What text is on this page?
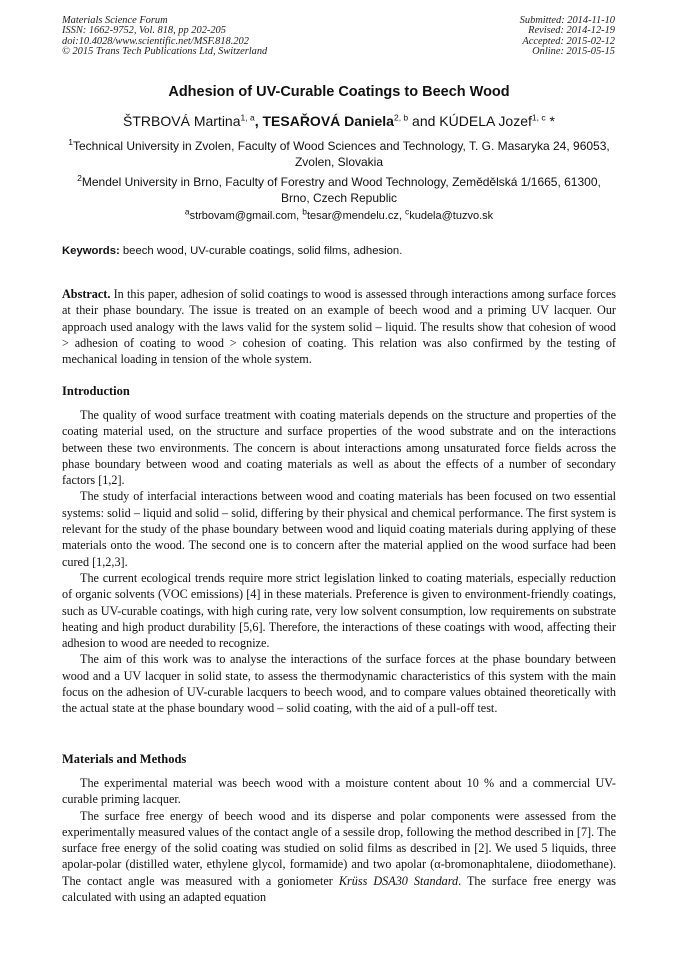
Materials Science Forum
ISSN: 1662-9752, Vol. 818, pp 202-205
doi:10.4028/www.scientific.net/MSF.818.202
© 2015 Trans Tech Publications Ltd, Switzerland
Submitted: 2014-11-10
Revised: 2014-12-19
Accepted: 2015-02-12
Online: 2015-05-15
Adhesion of UV-Curable Coatings to Beech Wood
ŠTRBOVÁ Martina$^{1, a}$, TESAŘOVÁ Daniela$^{2, b}$ and KÚDELA Jozef$^{1, c}$ *
$^1$Technical University in Zvolen, Faculty of Wood Sciences and Technology, T. G. Masaryka 24, 96053, Zvolen, Slovakia
$^2$Mendel University in Brno, Faculty of Forestry and Wood Technology, Zemědělská 1/1665, 61300, Brno, Czech Republic
$^a$strbovam@gmail.com, $^b$tesar@mendelu.cz, $^c$kudela@tuzvo.sk
Keywords: beech wood, UV-curable coatings, solid films, adhesion.

Abstract. In this paper, adhesion of solid coatings to wood is assessed through interactions among surface forces at their phase boundary. The issue is treated on an example of beech wood and a priming UV lacquer. Our approach used analogy with the laws valid for the system solid – liquid. The results show that cohesion of wood > adhesion of coating to wood > cohesion of coating. This relation was also confirmed by the testing of mechanical loading in tension of the whole system.

Introduction

The quality of wood surface treatment with coating materials depends on the structure and properties of the coating material used, on the structure and surface properties of the wood substrate and on the interactions between these two environments. The concern is about interactions among unsaturated force fields across the phase boundary between wood and coating materials as well as about the effects of a number of secondary factors [1,2].

The study of interfacial interactions between wood and coating materials has been focused on two essential systems: solid – liquid and solid – solid, differing by their physical and chemical performance. The first system is relevant for the study of the phase boundary between wood and liquid coating materials during applying of these materials onto the wood. The second one is to concern after the material applied on the wood surface had been cured [1,2,3].

The current ecological trends require more strict legislation linked to coating materials, especially reduction of organic solvents (VOC emissions) [4] in these materials. Preference is given to environment-friendly coatings, such as UV-curable coatings, with high curing rate, very low solvent consumption, low requirements on substrate heating and high product durability [5,6]. Therefore, the interactions of these coatings with wood, affecting their adhesion to wood are needed to recognize.

The aim of this work was to analyse the interactions of the surface forces at the phase boundary between wood and a UV lacquer in solid state, to assess the thermodynamic characteristics of this system with the main focus on the adhesion of UV-curable lacquers to beech wood, and to compare values obtained theoretically with the actual state at the phase boundary wood – solid coating, with the aid of a pull-off test.

Materials and Methods

The experimental material was beech wood with a moisture content about 10 % and a commercial UV-curable priming lacquer.

The surface free energy of beech wood and its disperse and polar components were assessed from the experimentally measured values of the contact angle of a sessile drop, following the method described in [7]. The surface free energy of the solid coating was studied on solid films as described in [2]. We used 5 liquids, three apolar-polar (distilled water, ethylene glycol, formamide) and two apolar (α-bromonaphtalene, diiodomethane). The contact angle was measured with a goniometer Krüss DSA30 Standard. The surface free energy was calculated with using an adapted equation
